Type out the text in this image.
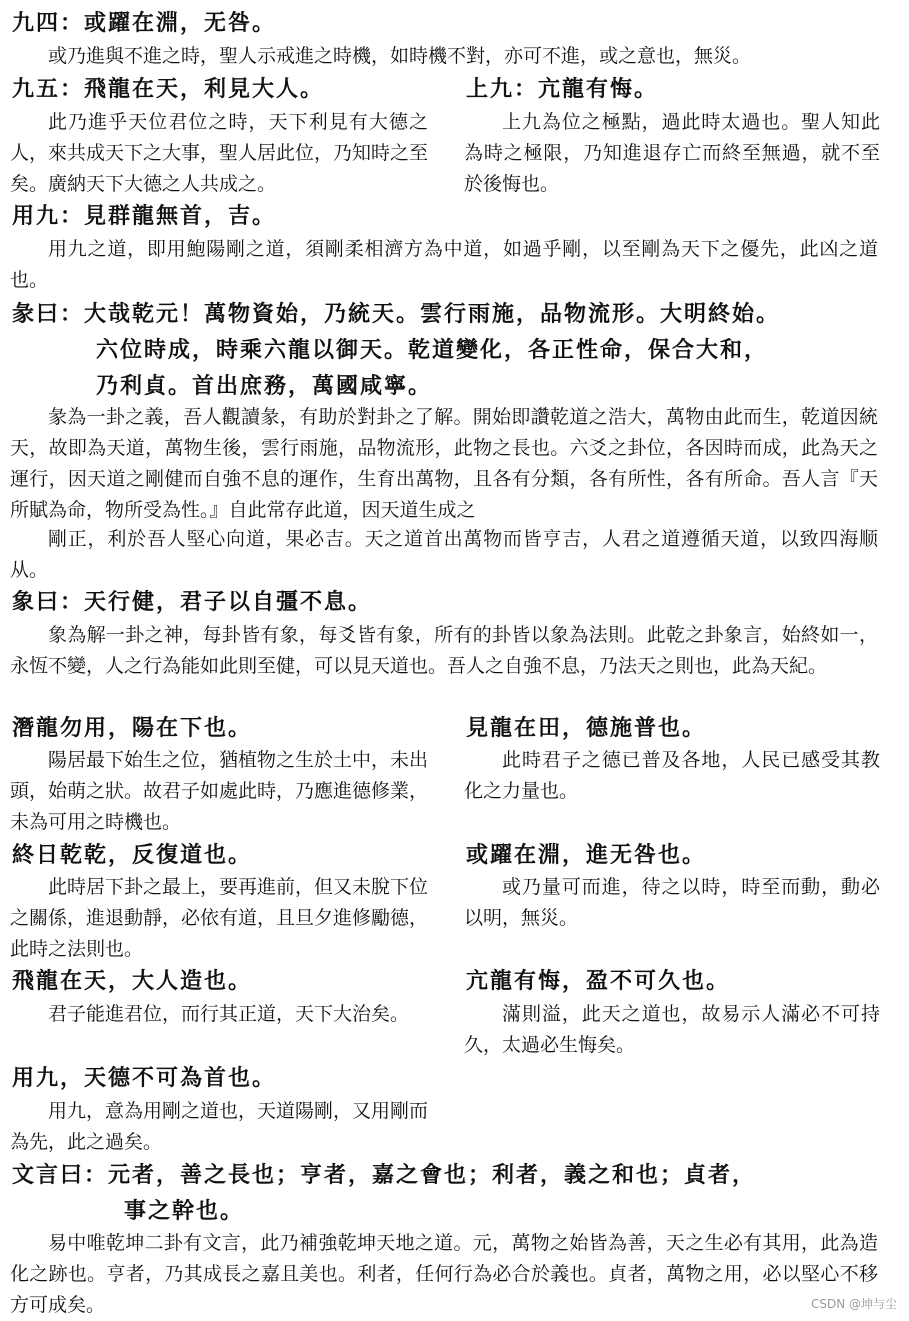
九四：或躍在淵，无咎。

或乃進與不進之時，聖人示戒進之時機，如時機不對，亦可不進，或之意也，無災。

九五：飛龍在天，利見大人。

此乃進乎天位君位之時，天下利見有大德之人，來共成天下之大事，聖人居此位，乃知時之至矣。廣納天下大德之人共成之。

上九：亢龍有悔。

上九為位之極點，過此時太過也。聖人知此為時之極限，乃知進退存亡而終至無過，就不至於後悔也。

用九：見群龍無首，吉。

用九之道，即用鮑陽剛之道，須剛柔相濟方為中道，如過乎剛，以至剛為天下之優先，此凶之道也。

彖曰：大哉乾元！萬物資始，乃統天。雲行雨施，品物流形。大明終始。
六位時成，時乘六龍以御天。乾道變化，各正性命，保合大和，
乃利貞。首出庶務，萬國咸寧。

彖為一卦之義，吾人觀讀彖，有助於對卦之了解。開始即讚乾道之浩大，萬物由此而生，乾道因統天，故即為天道，萬物生後，雲行雨施，品物流形，此物之長也。六爻之卦位，各因時而成，此為天之運行，因天道之剛健而自強不息的運作，生育出萬物，且各有分類，各有所性，各有所命。吾人言『天所賦為命，物所受為性。』自此常存此道，因天道生成之

剛正，利於吾人堅心向道，果必吉。天之道首出萬物而皆亨吉，人君之道遵循天道，以致四海顺从。

象曰：天行健，君子以自彊不息。

象為解一卦之神，每卦皆有象，每爻皆有象，所有的卦皆以象為法則。此乾之卦象言，始終如一，永恆不變，人之行為能如此則至健，可以見天道也。吾人之自強不息，乃法天之則也，此為天紀。

潛龍勿用，陽在下也。

陽居最下始生之位，猶植物之生於土中，未出頭，始萌之狀。故君子如處此時，乃應進德修業，未為可用之時機也。

見龍在田，德施普也。

此時君子之德已普及各地，人民已感受其教化之力量也。

終日乾乾，反復道也。

此時居下卦之最上，要再進前，但又未脫下位之關係，進退動靜，必依有道，且旦夕進修勵德，此時之法則也。

或躍在淵，進无咎也。

或乃量可而進，待之以時，時至而動，動必以明，無災。

飛龍在天，大人造也。

君子能進君位，而行其正道，天下大治矣。

亢龍有悔，盈不可久也。

滿則溢，此天之道也，故易示人滿必不可持久，太過必生悔矣。

用九，天德不可為首也。

用九，意為用剛之道也，天道陽剛，又用剛而為先，此之過矣。

文言曰：元者，善之長也；亨者，嘉之會也；利者，義之和也；貞者，
事之幹也。

易中唯乾坤二卦有文言，此乃補強乾坤天地之道。元，萬物之始皆為善，天之生必有其用，此為造化之跡也。亨者，乃其成長之嘉且美也。利者，任何行為必合於義也。貞者，萬物之用，必以堅心不移方可成矣。	CSDN @坤与尘
